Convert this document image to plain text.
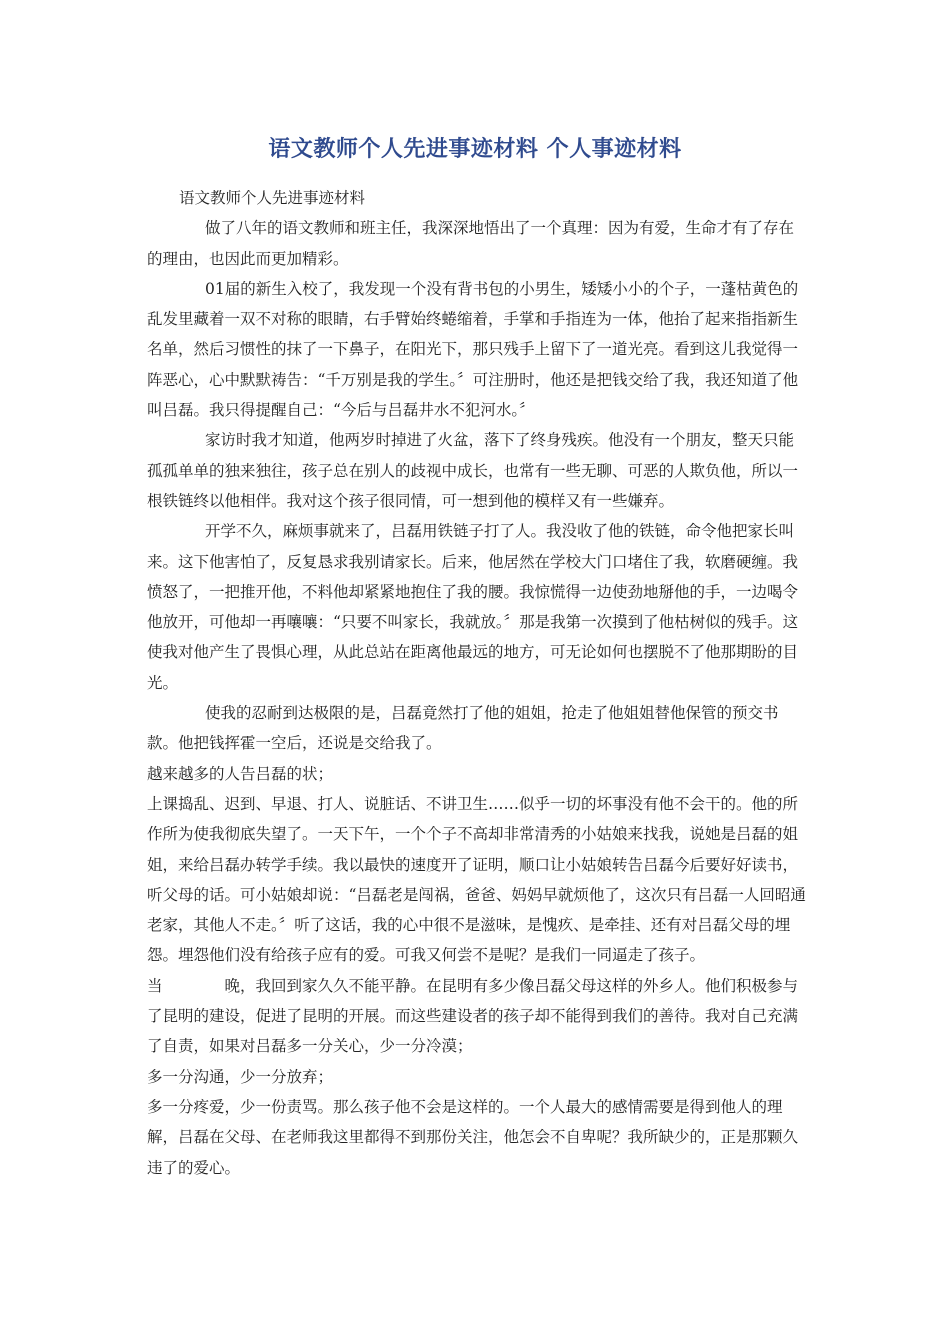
语文教师个人先进事迹材料 个人事迹材料

语文教师个人先进事迹材料

做了八年的语文教师和班主任，我深深地悟出了一个真理：因为有爱，生命才有了存在的理由，也因此而更加精彩。

01届的新生入校了，我发现一个没有背书包的小男生，矮矮小小的个子，一蓬枯黄色的乱发里藏着一双不对称的眼睛，右手臂始终蜷缩着，手掌和手指连为一体，他抬了起来指指新生名单，然后习惯性的抹了一下鼻子，在阳光下，那只残手上留下了一道光亮。看到这儿我觉得一阵恶心，心中默默祷告：“千万别是我的学生。〞可注册时，他还是把钱交给了我，我还知道了他叫吕磊。我只得提醒自己：“今后与吕磊井水不犯河水。〞

家访时我才知道，他两岁时掉进了火盆，落下了终身残疾。他没有一个朋友，整天只能孤孤单单的独来独往，孩子总在别人的歧视中成长，也常有一些无聊、可恶的人欺负他，所以一根铁链终以他相伴。我对这个孩子很同情，可一想到他的模样又有一些嫌弃。

开学不久，麻烦事就来了，吕磊用铁链子打了人。我没收了他的铁链，命令他把家长叫来。这下他害怕了，反复恳求我别请家长。后来，他居然在学校大门口堵住了我，软磨硬缠。我愤怒了，一把推开他，不料他却紧紧地抱住了我的腰。我惊慌得一边使劲地掰他的手，一边喝令他放开，可他却一再嚷嚷：“只要不叫家长，我就放。〞那是我第一次摸到了他枯树似的残手。这使我对他产生了畏惧心理，从此总站在距离他最远的地方，可无论如何也摆脱不了他那期盼的目光。

使我的忍耐到达极限的是，吕磊竟然打了他的姐姐，抢走了他姐姐替他保管的预交书款。他把钱挥霍一空后，还说是交给我了。

越来越多的人告吕磊的状；

上课捣乱、迟到、早退、打人、说脏话、不讲卫生……似乎一切的坏事没有他不会干的。他的所作所为使我彻底失望了。一天下午，一个个子不高却非常清秀的小姑娘来找我，说她是吕磊的姐姐，来给吕磊办转学手续。我以最快的速度开了证明，顺口让小姑娘转告吕磊今后要好好读书，听父母的话。可小姑娘却说：“吕磊老是闯祸，爸爸、妈妈早就烦他了，这次只有吕磊一人回昭通老家，其他人不走。〞听了这话，我的心中很不是滋味，是愧疚、是牵挂、还有对吕磊父母的埋怨。埋怨他们没有给孩子应有的爱。可我又何尝不是呢？是我们一同逼走了孩子。

当	晚，我回到家久久不能平静。在昆明有多少像吕磊父母这样的外乡人。他们积极参与了昆明的建设，促进了昆明的开展。而这些建设者的孩子却不能得到我们的善待。我对自己充满了自责，如果对吕磊多一分关心，少一分冷漠；

多一分沟通，少一分放弃；

多一分疼爱，少一份责骂。那么孩子他不会是这样的。一个人最大的感情需要是得到他人的理解，吕磊在父母、在老师我这里都得不到那份关注，他怎会不自卑呢？我所缺少的，正是那颗久违了的爱心。
